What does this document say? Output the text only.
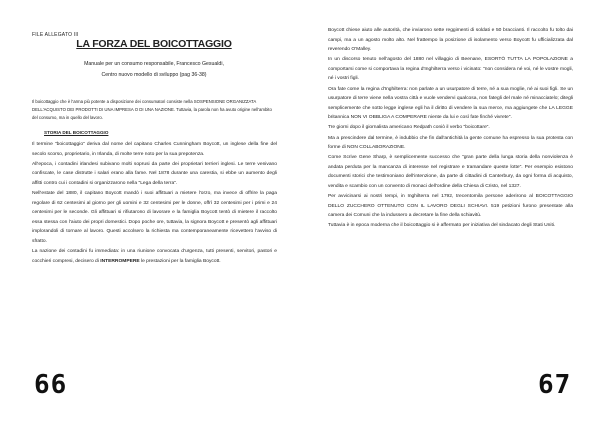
FILE ALLEGATO III
LA FORZA DEL BOICOTTAGGIO
Manuale per un consumo responsabile, Francesco Gesualdi,
Centro nuovo modello di sviluppo (pag 36-38)
Il boicottaggio che è l'arma più potente a disposizione dei consumatori consiste nella SOSPENSIONE ORGANIZZATA DELL'ACQUISTO DEI PRODOTTI DI UNA IMPRESA O DI UNA NAZIONE. Tuttavia, la parola non ha avuto origine nell'ambito del consumo, ma in quello del lavoro.
STORIA DEL BOICOTTAGGIO

Il termine "boicottaggio" deriva dal nome del capitano Charles Cunningham Boycott, un inglese della fine del secolo scorso, proprietario, in Irlanda, di molte terre noto per la sua prepotenza.

All'epoca, i contadini irlandesi subivano molti soprusi da parte dei proprietari terrieri inglesi. Le terre venivano confiscate, le case distrutte i salari erano alla fame. Nel 1878 durante una carestia, si ebbe un aumento degli affitti contro cui i contadini si organizzarono nella "Lega della terra".

Nell'estate del 1880, il capitano Boycott mandò i suoi affittuari a mietere l'orzo, ma invece di offrire la paga regolare di 62 centesimi al giorno per gli uomini e 32 centesimi per le donne, offrì 32 centesimi per i primi e 24 centesimi per le seconde. Gli affittuari si rifiutarono di lavorare e la famiglia Boycott tentò di mietere il raccolto essa stessa con l'aiuto dei propri domestici. Dopo poche ore, tuttavia, la signora Boycott e presentò agli affittuari implorandoli di tornare al lavoro. Questi accolsero la richiesta ma contemporaneamente ricevettero l'avviso di sfratto.

La nazione dei contadini fu immediata: in una riunione convocata d'urgenza, tutti presenti, servitori, pastori e cocchieri compresi, decisero di INTERROMPERE le prestazioni per la famiglia Boycott.

66

Boycott chiese aiuto alle autorità, che inviarono sette reggimenti di soldati e 50 braccianti. Il raccolto fu tolto dai campi, ma a un agosto molto alto. Nel frattempo la posizione di isolamento verso Boycott fu ufficializzata dal reverendo O'Malley.

In un discorso tenuto nell'agosto del 1880 nel villaggio di Beenane, ESORTÒ TUTTA LA POPOLAZIONE a comportarsi come si comportava la regina d'Inghilterra verso i vicinato: "non considera né voi, né le vostre mogli, né i vostri figli.

Ora fate come la regina d'Inghilterra: non parlate a un usurpatore di terre, né a sua moglie, né ai suoi figli. Se un usurpatore di terre viene nella vostra città e vuole vendervi qualcosa, non fategli del male né minacciatelo; ditegli semplicemente che sotto legge inglese egli ha il diritto di vendere la sua merce, ma aggiungete che LA LEGGE britannica NON VI OBBLIGA A COMPERARE niente da lui e così fate finché vivrete".

Tre giorni dopo il giornalista americano Redpath coniò il verbo "boicottare".

Ma a prescindere dal termine, è indubbio che fin dall'antichità la gente comune ha espresso la sua protesta con forme di NON COLLABORAZIONE.

Come Scrive Gene Sharp, è semplicemente successo che "gran parte della lunga storia della nonviolenza è andata perduta per la mancanza di interesse nel registrare e tramandare queste lotte". Per esempio esistono documenti storici che testimoniano dell'intenzione, da parte di cittadini di Canterbury, da ogni forma di acquisto, vendita e scambio con un convento di monaci dell'ordine della Chiesa di Cristo, nel 1327.

Per avvicinarsi ai nostri tempi, in Inghilterra nel 1792, trecentomila persone aderirono al BOICOTTAGGIO DELLO ZUCCHERO OTTENUTO CON IL LAVORO DEGLI SCHIAVI. 519 petizioni furono presentate alla camera dei Comuni che la indussero a decretare la fine della schiavitù.

Tuttavia è in epoca moderna che il boicottaggio si è affermato per iniziativa del sindacato degli Stati Uniti.

67
